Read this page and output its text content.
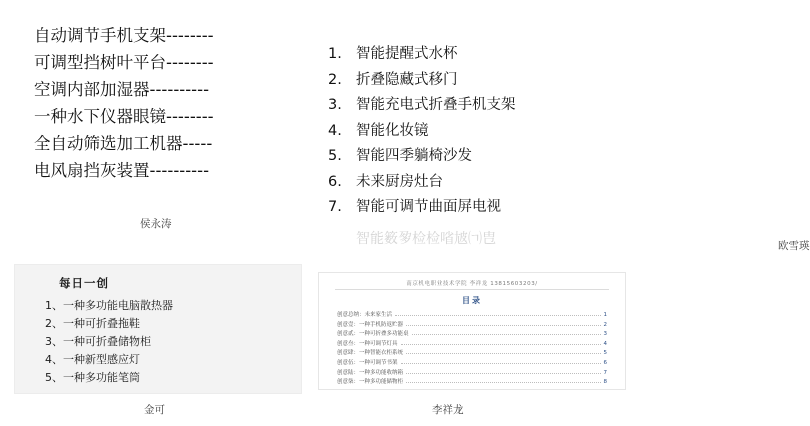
自动调节手机支架--------
可调型挡树叶平台--------
空调内部加湿器----------
一种水下仪器眼镜--------
全自动筛选加工机器-----
电风扇挡灰装置----------
侯永涛
1. 智能提醒式水杯
2. 折叠隐藏式移门
3. 智能充电式折叠手机支架
4. 智能化妆镜
5. 智能四季躺椅沙发
6. 未来厨房灶台
7. 智能可调节曲面屏电视
智能䉤㚉检检㗂㝿㈀㕀	欧雪瑛
每日一创
1、一种多功能电脑散热器
2、一种可折叠拖鞋
3、一种可折叠储物柜
4、一种新型感应灯
5、一种多功能笔筒
金可
南京机电职业技术学院 李祥龙 13815603203/
目录
创意总纳：未来家生活	1
创意壹：一种手机防返贮器	2
创意贰：一种可折叠多功能桌	3
创意叁：一种可调节灯具	4
创意肆：一种智能衣柜系统	5
创意伍：一种可调节书架	6
创意陆：一种多功能收纳箱	7
创意柒：一种多功能储物柜	8
李祥龙
